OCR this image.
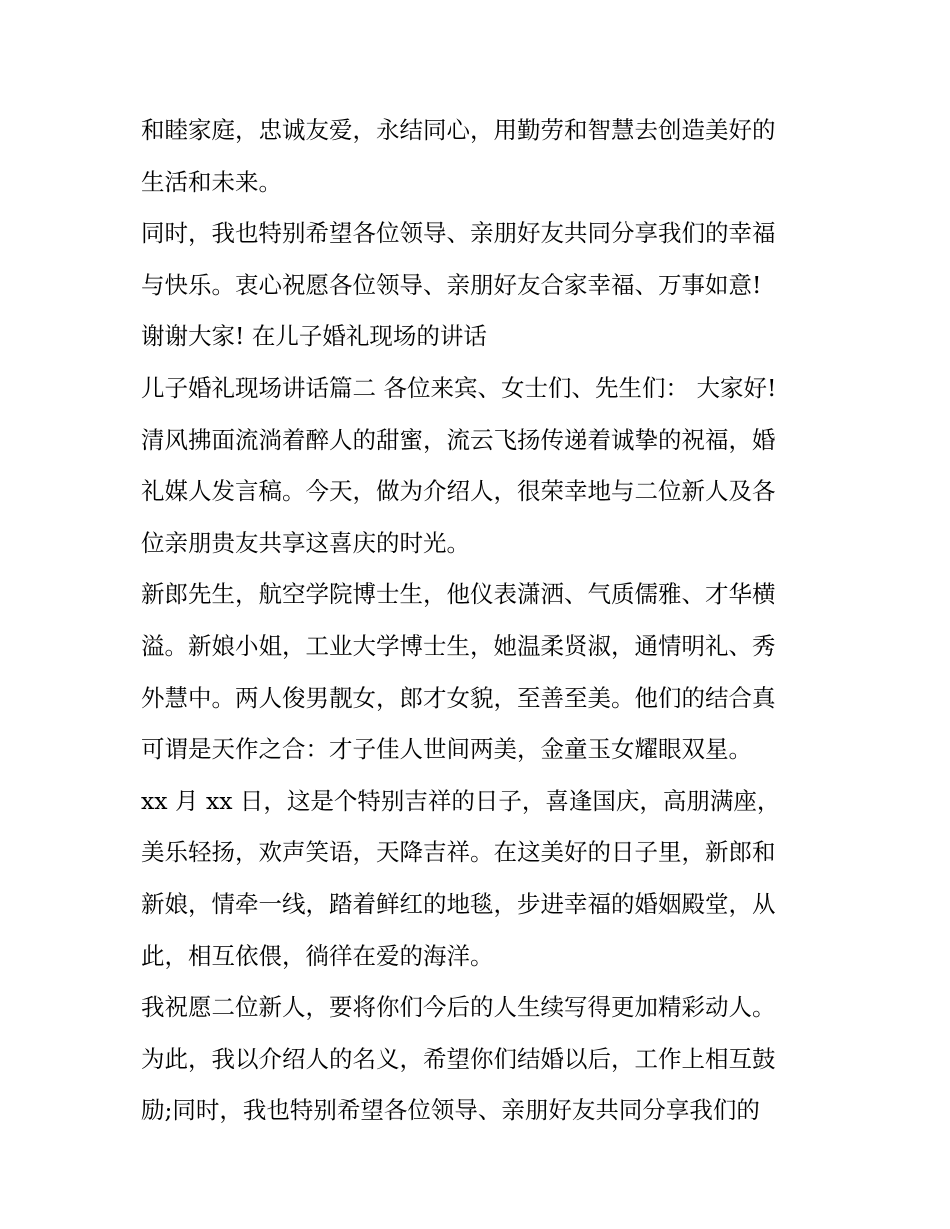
和睦家庭，忠诚友爱，永结同心，用勤劳和智慧去创造美好的
生活和未来。
同时，我也特别希望各位领导、亲朋好友共同分享我们的幸福
与快乐。衷心祝愿各位领导、亲朋好友合家幸福、万事如意!
谢谢大家! 在儿子婚礼现场的讲话
儿子婚礼现场讲话篇二 各位来宾、女士们、先生们： 大家好!
清风拂面流淌着醉人的甜蜜，流云飞扬传递着诚挚的祝福，婚
礼媒人发言稿。今天，做为介绍人，很荣幸地与二位新人及各
位亲朋贵友共享这喜庆的时光。
新郎先生，航空学院博士生，他仪表潇洒、气质儒雅、才华横
溢。新娘小姐，工业大学博士生，她温柔贤淑，通情明礼、秀
外慧中。两人俊男靓女，郎才女貌，至善至美。他们的结合真
可谓是天作之合：才子佳人世间两美，金童玉女耀眼双星。
xx 月 xx 日，这是个特别吉祥的日子，喜逢国庆，高朋满座，
美乐轻扬，欢声笑语，天降吉祥。在这美好的日子里，新郎和
新娘，情牵一线，踏着鲜红的地毯，步进幸福的婚姻殿堂，从
此，相互依偎，徜徉在爱的海洋。
我祝愿二位新人，要将你们今后的人生续写得更加精彩动人。
为此，我以介绍人的名义，希望你们结婚以后，工作上相互鼓
励;同时，我也特别希望各位领导、亲朋好友共同分享我们的
